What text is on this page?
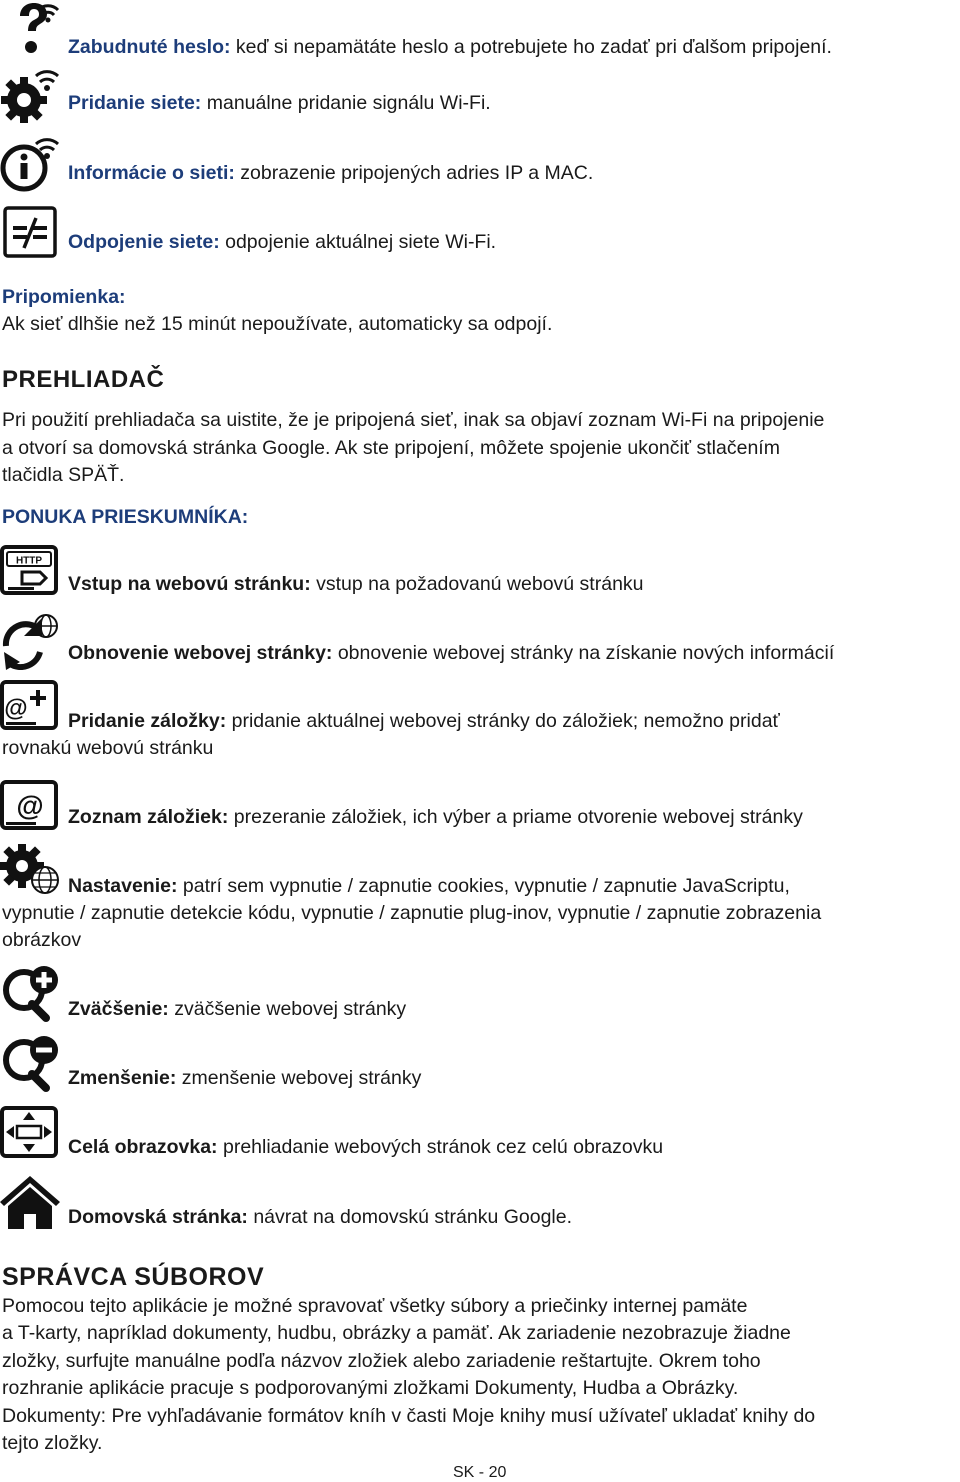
Zabudnuté heslo: keď si nepamätáte heslo a potrebujete ho zadať pri ďalšom pripojení.
Pridanie siete: manuálne pridanie signálu Wi-Fi.
Informácie o sieti: zobrazenie pripojených adries IP a MAC.
Odpojenie siete: odpojenie aktuálnej siete Wi-Fi.
Pripomienka:
Ak sieť dlhšie než 15 minút nepoužívate, automaticky sa odpojí.
PREHLIADAČ
Pri použití prehliadača sa uistite, že je pripojená sieť, inak sa objaví zoznam Wi-Fi na pripojenie
a otvorí sa domovská stránka Google. Ak ste pripojení, môžete spojenie ukončiť stlačením
tlačidla SPÄŤ.
PONUKA PRIESKUMNÍKA:
HTTP
Vstup na webovú stránku: vstup na požadovanú webovú stránku
Obnovenie webovej stránky: obnovenie webovej stránky na získanie nových informácií
@ Pridanie záložky: pridanie aktuálnej webovej stránky do záložiek; nemožno pridať
rovnakú webovú stránku
@ Zoznam záložiek: prezeranie záložiek, ich výber a priame otvorenie webovej stránky
Nastavenie: patrí sem vypnutie / zapnutie cookies, vypnutie / zapnutie JavaScriptu,
vypnutie / zapnutie detekcie kódu, vypnutie / zapnutie plug-inov, vypnutie / zapnutie zobrazenia
obrázkov
Zväčšenie: zväčšenie webovej stránky
Zmenšenie: zmenšenie webovej stránky
Celá obrazovka: prehliadanie webových stránok cez celú obrazovku
Domovská stránka: návrat na domovskú stránku Google.
SPRÁVCA SÚBOROV
Pomocou tejto aplikácie je možné spravovať všetky súbory a priečinky internej pamäte
a T-karty, napríklad dokumenty, hudbu, obrázky a pamäť. Ak zariadenie nezobrazuje žiadne
zložky, surfujte manuálne podľa názvov zložiek alebo zariadenie reštartujte. Okrem toho
rozhranie aplikácie pracuje s podporovanými zložkami Dokumenty, Hudba a Obrázky.
Dokumenty: Pre vyhľadávanie formátov kníh v časti Moje knihy musí užívateľ ukladať knihy do
tejto zložky.
SK - 20
